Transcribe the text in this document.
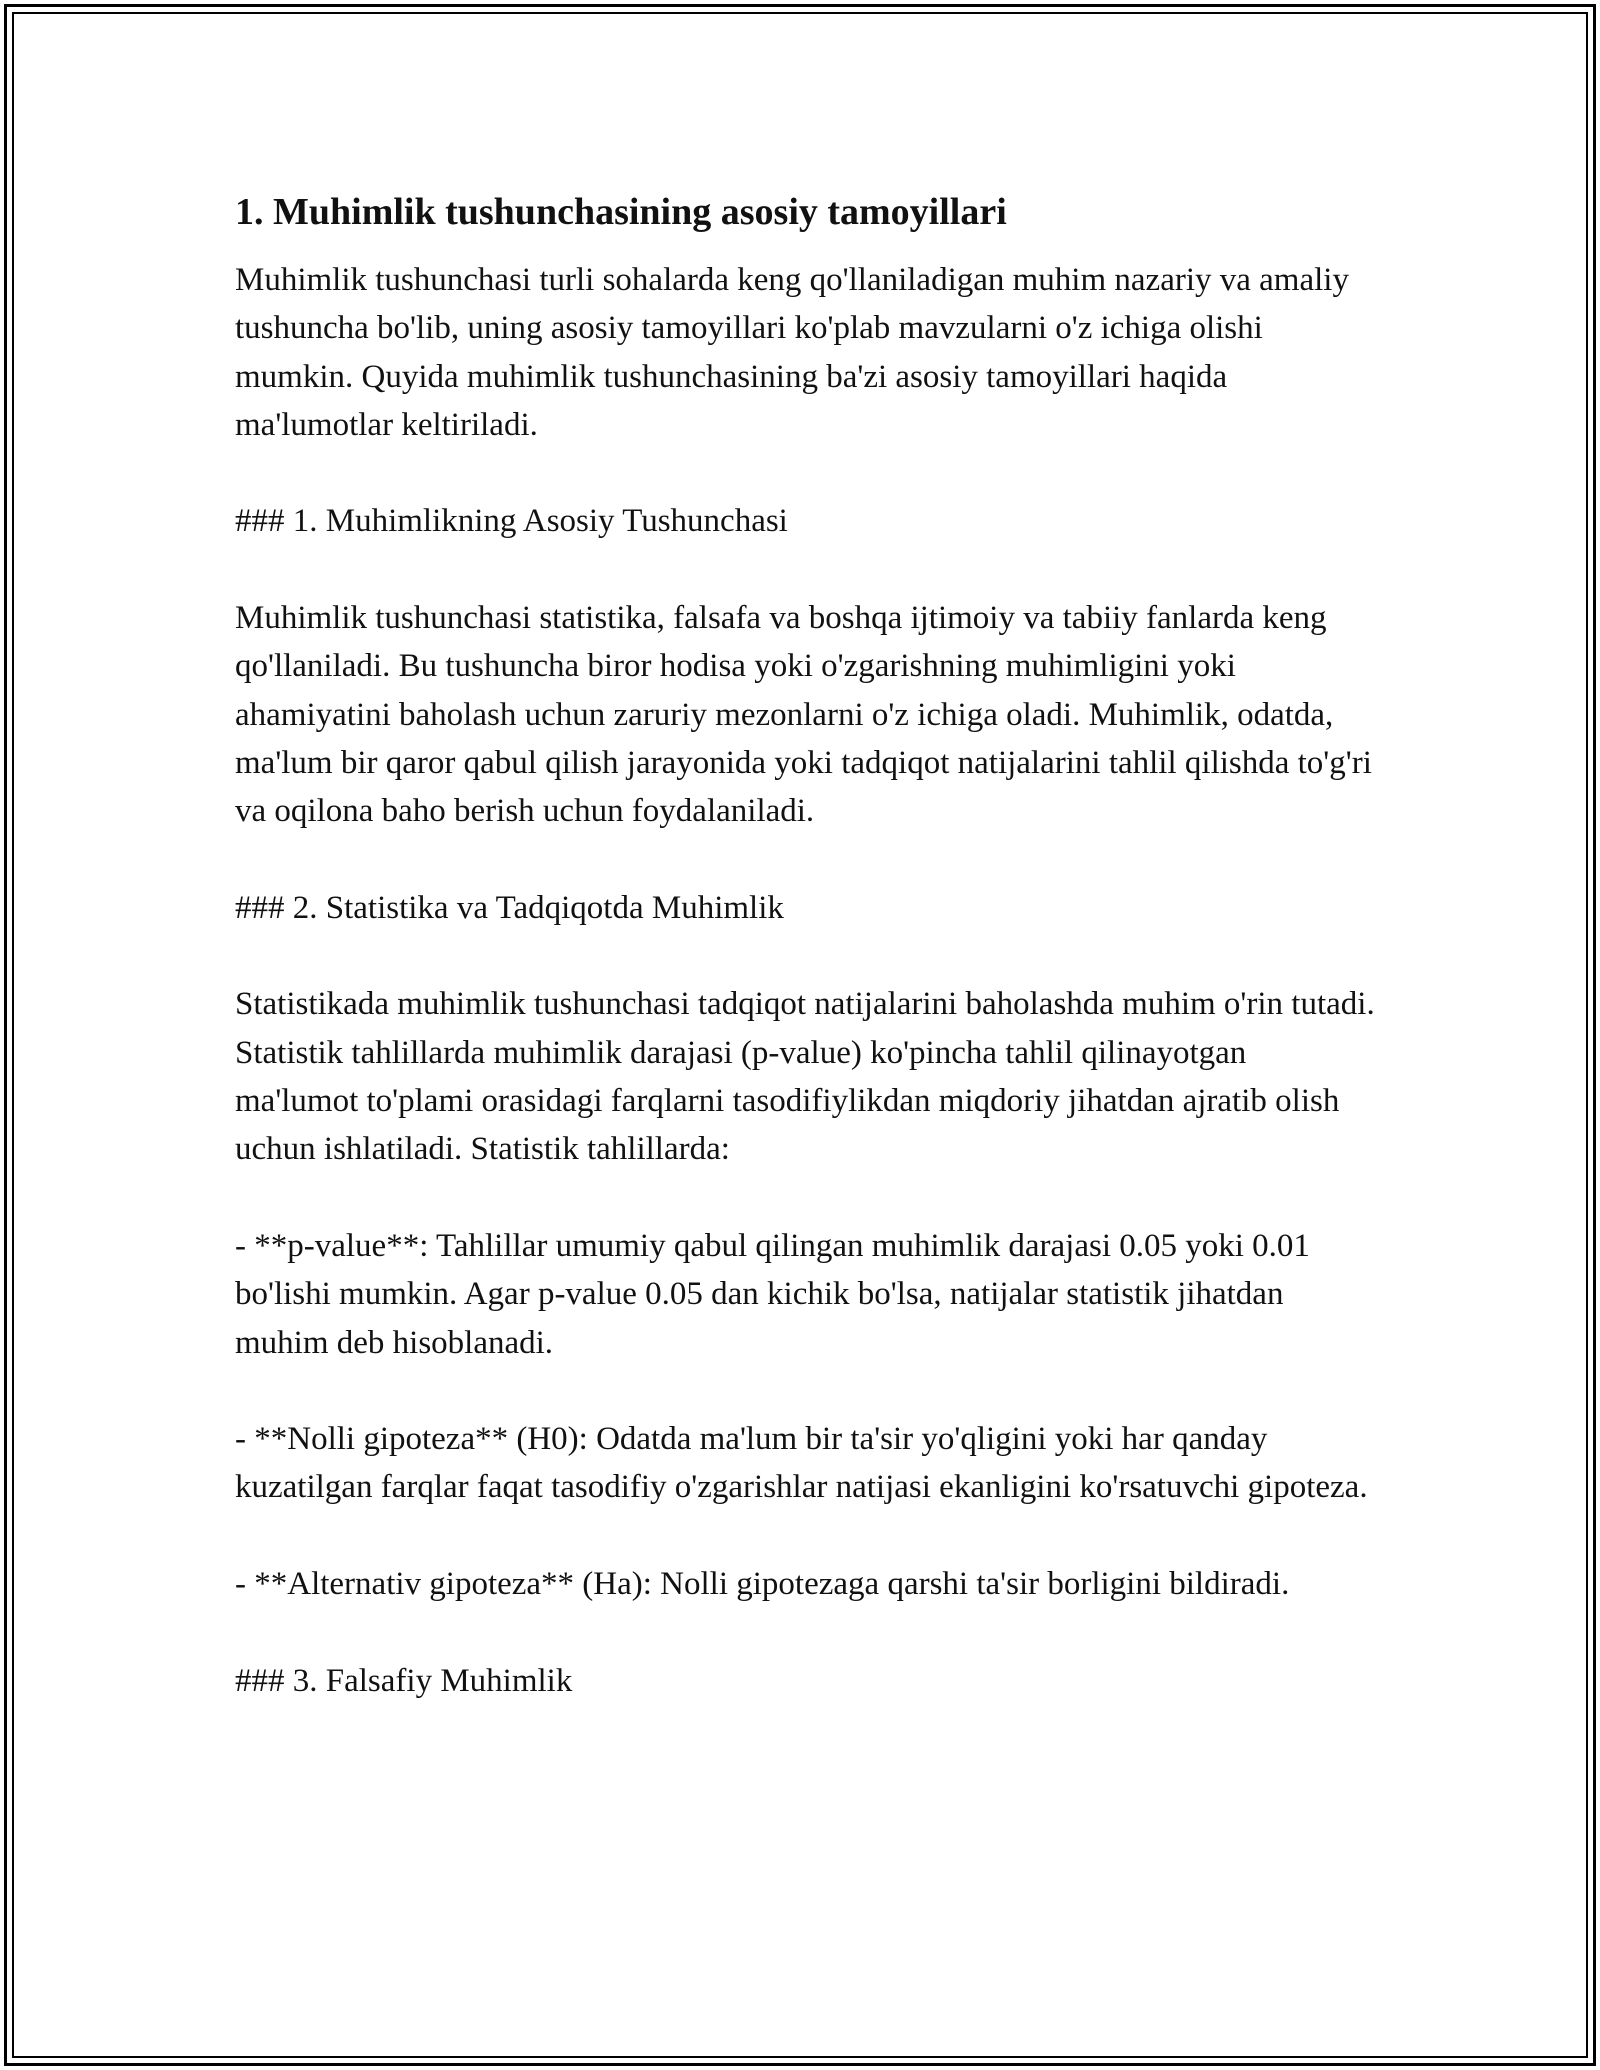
1. Muhimlik tushunchasining asosiy tamoyillari

Muhimlik tushunchasi turli sohalarda keng qo'llaniladigan muhim nazariy va amaliy tushuncha bo'lib, uning asosiy tamoyillari ko'plab mavzularni o'z ichiga olishi mumkin. Quyida muhimlik tushunchasining ba'zi asosiy tamoyillari haqida ma'lumotlar keltiriladi.

### 1. Muhimlikning Asosiy Tushunchasi

Muhimlik tushunchasi statistika, falsafa va boshqa ijtimoiy va tabiiy fanlarda keng qo'llaniladi. Bu tushuncha biror hodisa yoki o'zgarishning muhimligini yoki ahamiyatini baholash uchun zaruriy mezonlarni o'z ichiga oladi. Muhimlik, odatda, ma'lum bir qaror qabul qilish jarayonida yoki tadqiqot natijalarini tahlil qilishda to'g'ri va oqilona baho berish uchun foydalaniladi.

### 2. Statistika va Tadqiqotda Muhimlik

Statistikada muhimlik tushunchasi tadqiqot natijalarini baholashda muhim o'rin tutadi. Statistik tahlillarda muhimlik darajasi (p-value) ko'pincha tahlil qilinayotgan ma'lumot to'plami orasidagi farqlarni tasodifiylikdan miqdoriy jihatdan ajratib olish uchun ishlatiladi. Statistik tahlillarda:

- **p-value**: Tahlillar umumiy qabul qilingan muhimlik darajasi 0.05 yoki 0.01 bo'lishi mumkin. Agar p-value 0.05 dan kichik bo'lsa, natijalar statistik jihatdan muhim deb hisoblanadi.

- **Nolli gipoteza** (H0): Odatda ma'lum bir ta'sir yo'qligini yoki har qanday kuzatilgan farqlar faqat tasodifiy o'zgarishlar natijasi ekanligini ko'rsatuvchi gipoteza.

- **Alternativ gipoteza** (Ha): Nolli gipotezaga qarshi ta'sir borligini bildiradi.

### 3. Falsafiy Muhimlik
